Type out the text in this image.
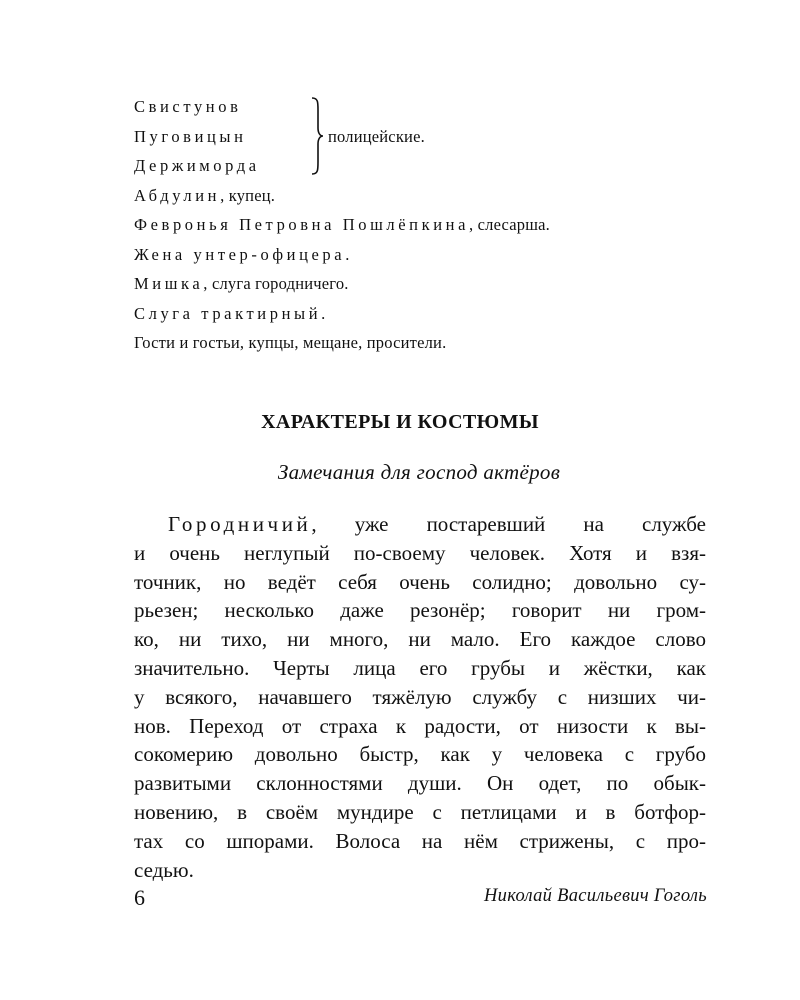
Свистунов
Пуговицын
Держиморда
полицейские.
Абдулин, купец.
Февронья Петровна Пошлёпкина, слесарша.
Жена унтер-офицера.
Мишка, слуга городничего.
Слуга трактирный.
Гости и гостьи, купцы, мещане, просители.
ХАРАКТЕРЫ И КОСТЮМЫ
Замечания для господ актёров
Городничий, уже постаревший на службе
и очень неглупый по-своему человек. Хотя и взя-
точник, но ведёт себя очень солидно; довольно су-
рьезен; несколько даже резонёр; говорит ни гром-
ко, ни тихо, ни много, ни мало. Его каждое слово
значительно. Черты лица его грубы и жёстки, как
у всякого, начавшего тяжёлую службу с низших чи-
нов. Переход от страха к радости, от низости к вы-
сокомерию довольно быстр, как у человека с грубо
развитыми склонностями души. Он одет, по обык-
новению, в своём мундире с петлицами и в ботфор-
тах со шпорами. Волоса на нём стрижены, с про-
седью.
6	Николай Васильевич Гоголь
